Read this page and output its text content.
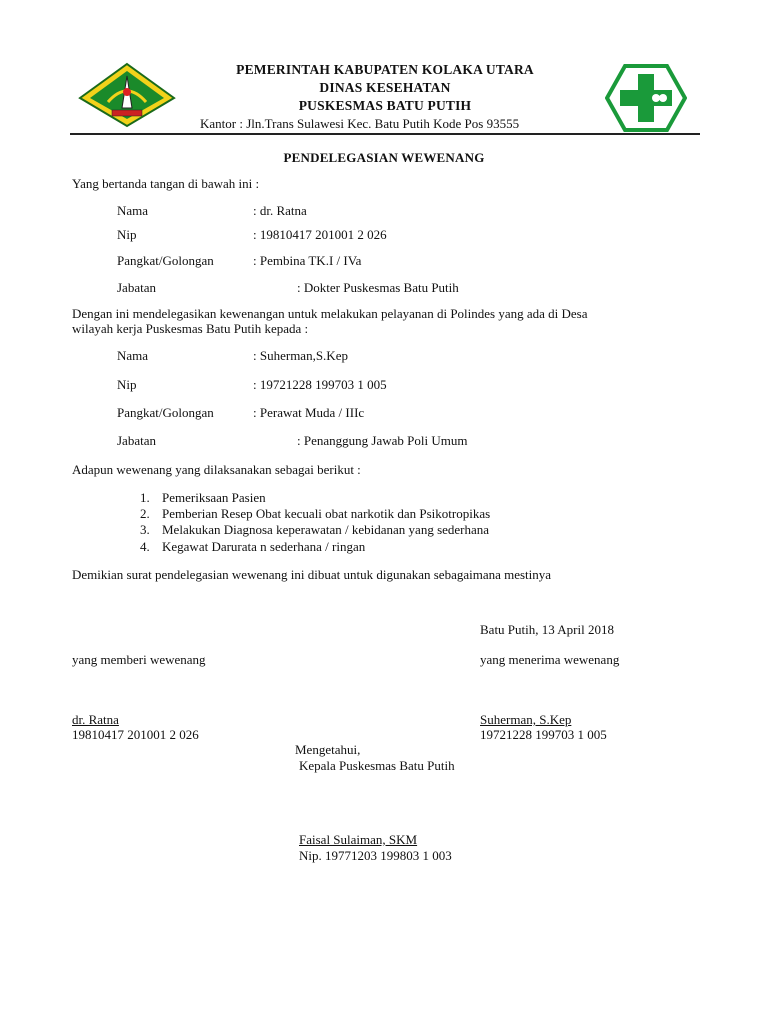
PEMERINTAH KABUPATEN KOLAKA UTARA
DINAS KESEHATAN
PUSKESMAS BATU PUTIH
Kantor : Jln.Trans Sulawesi Kec. Batu Putih Kode Pos 93555
PENDELEGASIAN WEWENANG
Yang bertanda tangan di bawah ini :
Nama	: dr. Ratna
Nip	: 19810417 201001 2 026
Pangkat/Golongan	: Pembina TK.I / IVa
Jabatan	: Dokter Puskesmas Batu Putih
Dengan ini mendelegasikan kewenangan untuk melakukan pelayanan di Polindes yang ada di Desa
wilayah kerja Puskesmas Batu Putih kepada :
Nama	: Suherman,S.Kep
Nip	: 19721228 199703 1 005
Pangkat/Golongan	: Perawat Muda / IIIc
Jabatan	: Penanggung Jawab Poli Umum
Adapun wewenang yang dilaksanakan sebagai berikut :
1. Pemeriksaan Pasien
2. Pemberian Resep Obat kecuali obat narkotik dan Psikotropikas
3. Melakukan Diagnosa keperawatan / kebidanan yang sederhana
4. Kegawat Darurata n sederhana / ringan
Demikian surat pendelegasian wewenang ini dibuat untuk digunakan sebagaimana mestinya
Batu Putih, 13 April 2018
yang memberi wewenang	yang menerima wewenang
dr. Ratna
19810417 201001 2 026
Suherman, S.Kep
19721228 199703 1 005
Mengetahui,
Kepala Puskesmas Batu Putih
Faisal Sulaiman, SKM
Nip. 19771203 199803 1 003
